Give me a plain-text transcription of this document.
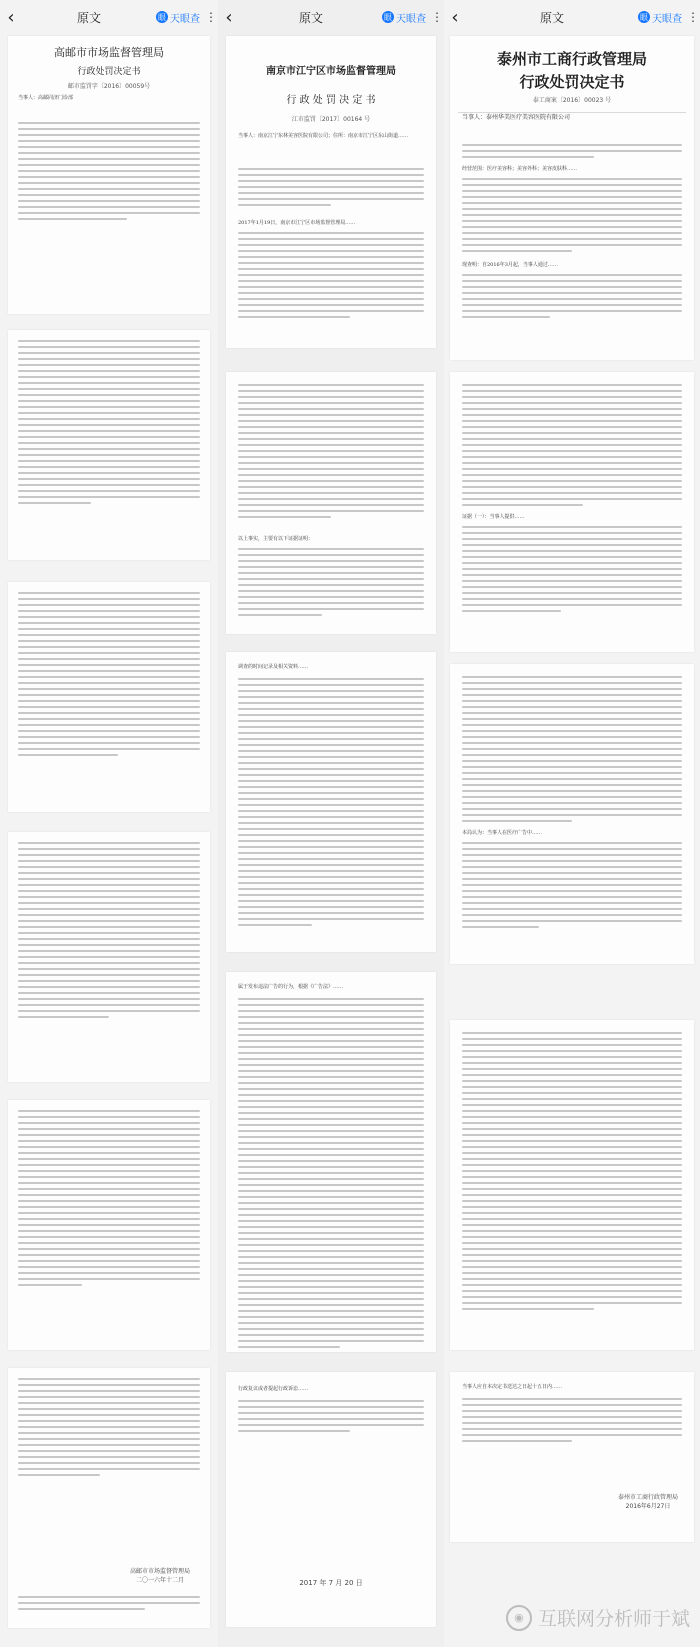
‹	原文	眼 天眼查 ⋮
高邮市市场监督管理局
行政处罚决定书
邮市监罚字〔2016〕00059号
当事人：高邮同济门诊部
高邮市市场监督管理局
二〇一六年十二月
‹	原文	眼 天眼查 ⋮
南京市江宁区市场监督管理局
行 政 处 罚 决 定 书
江市监罚〔2017〕00164 号
当事人：南京江宁东林美容医院有限公司；住所：南京市江宁区东山街道……
2017年1月19日，南京市江宁区市场监督管理局……
以上事实，主要有以下证据证明：
调查的时间记录及相关资料……
属于发布违法广告的行为，根据《广告法》……
行政复议或者提起行政诉讼……
2017 年 7 月 20 日
‹	原文	眼 天眼查 ⋮
泰州市工商行政管理局
行政处罚决定书
泰工商案〔2016〕00023 号
当事人：泰州华美医疗美容医院有限公司
经营范围：医疗美容科；美容外科；美容皮肤科……
现查明：自2016年3月起，当事人通过……
证据（一）：当事人提供……
本局认为：当事人在医疗广告中……
当事人应自本决定书送达之日起十五日内……
泰州市工商行政管理局
2016年6月27日
◉ 互联网分析师于斌
